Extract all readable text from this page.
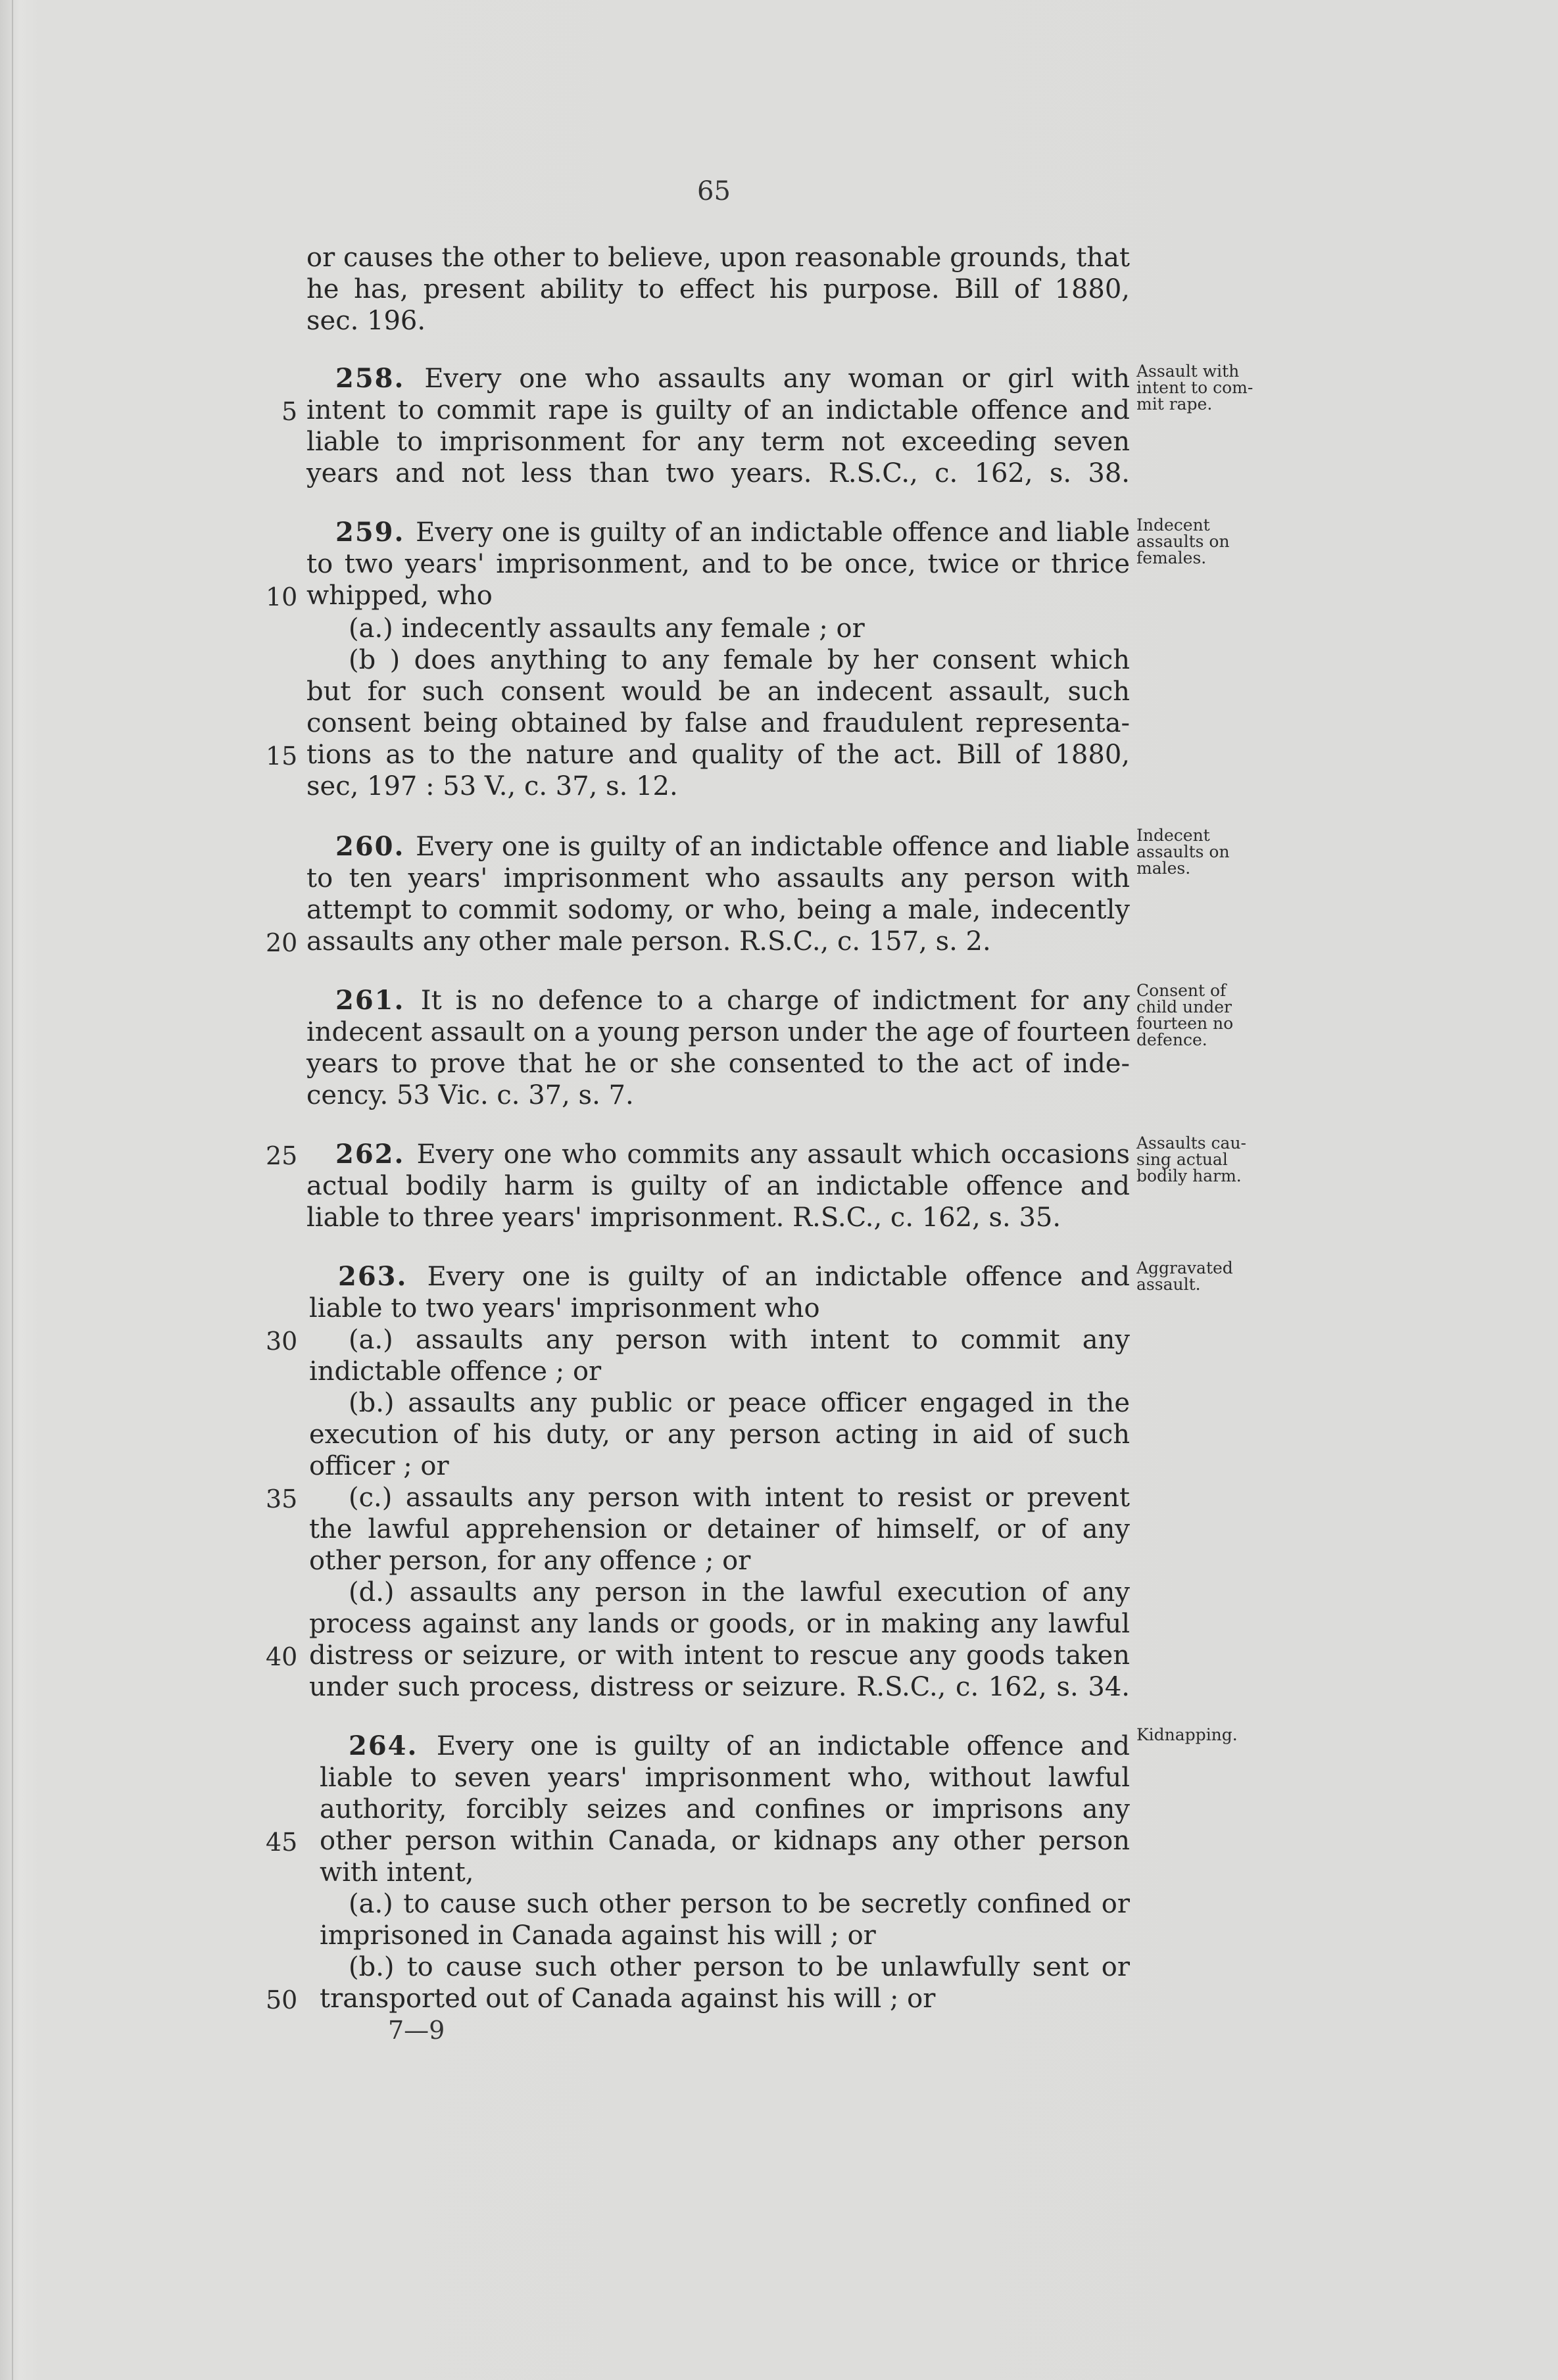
65
or causes the other to believe, upon reasonable grounds, that
he has, present ability to effect his purpose. Bill of 1880,
sec. 196.
258. Every one who assaults any woman or girl with
intent to commit rape is guilty of an indictable offence and
liable to imprisonment for any term not exceeding seven
years and not less than two years. R.S.C., c. 162, s. 38.
259. Every one is guilty of an indictable offence and liable
to two years' imprisonment, and to be once, twice or thrice
whipped, who
(a.) indecently assaults any female ; or
(b ) does anything to any female by her consent which
but for such consent would be an indecent assault, such
consent being obtained by false and fraudulent representa-
tions as to the nature and quality of the act. Bill of 1880,
sec, 197 : 53 V., c. 37, s. 12.
260. Every one is guilty of an indictable offence and liable
to ten years' imprisonment who assaults any person with
attempt to commit sodomy, or who, being a male, indecently
assaults any other male person. R.S.C., c. 157, s. 2.
261. It is no defence to a charge of indictment for any
indecent assault on a young person under the age of fourteen
years to prove that he or she consented to the act of inde-
cency. 53 Vic. c. 37, s. 7.
262. Every one who commits any assault which occasions
actual bodily harm is guilty of an indictable offence and
liable to three years' imprisonment. R.S.C., c. 162, s. 35.
263. Every one is guilty of an indictable offence and
liable to two years' imprisonment who
(a.) assaults any person with intent to commit any
indictable offence ; or
(b.) assaults any public or peace officer engaged in the
execution of his duty, or any person acting in aid of such
officer ; or
(c.) assaults any person with intent to resist or prevent
the lawful apprehension or detainer of himself, or of any
other person, for any offence ; or
(d.) assaults any person in the lawful execution of any
process against any lands or goods, or in making any lawful
distress or seizure, or with intent to rescue any goods taken
under such process, distress or seizure. R.S.C., c. 162, s. 34.
264. Every one is guilty of an indictable offence and
liable to seven years' imprisonment who, without lawful
authority, forcibly seizes and confines or imprisons any
other person within Canada, or kidnaps any other person
with intent,
(a.) to cause such other person to be secretly confined or
imprisoned in Canada against his will ; or
(b.) to cause such other person to be unlawfully sent or
transported out of Canada against his will ; or
5
10
15
20
25
30
35
40
45
50
Assault with
intent to com-
mit rape.
Indecent
assaults on
females.
Indecent
assaults on
males.
Consent of
child under
fourteen no
defence.
Assaults cau-
sing actual
bodily harm.
Aggravated
assault.
Kidnapping.
7—9
